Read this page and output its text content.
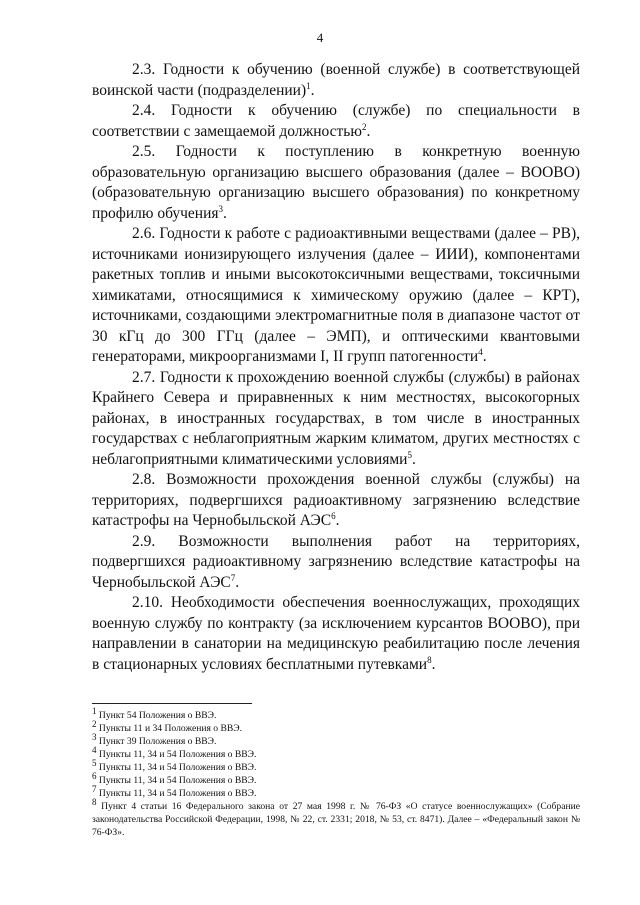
4

2.3. Годности к обучению (военной службе) в соответствующей воинской части (подразделении)$^1$.

2.4. Годности к обучению (службе) по специальности в соответствии с замещаемой должностью$^2$.

2.5. Годности к поступлению в конкретную военную образовательную организацию высшего образования (далее – ВООВО) (образовательную организацию высшего образования) по конкретному профилю обучения$^3$.

2.6. Годности к работе с радиоактивными веществами (далее – РВ), источниками ионизирующего излучения (далее – ИИИ), компонентами ракетных топлив и иными высокотоксичными веществами, токсичными химикатами, относящимися к химическому оружию (далее – КРТ), источниками, создающими электромагнитные поля в диапазоне частот от 30 кГц до 300 ГГц (далее – ЭМП), и оптическими квантовыми генераторами, микроорганизмами I, II групп патогенности$^4$.

2.7. Годности к прохождению военной службы (службы) в районах Крайнего Севера и приравненных к ним местностях, высокогорных районах, в иностранных государствах, в том числе в иностранных государствах с неблагоприятным жарким климатом, других местностях с неблагоприятными климатическими условиями$^5$.

2.8. Возможности прохождения военной службы (службы) на территориях, подвергшихся радиоактивному загрязнению вследствие катастрофы на Чернобыльской АЭС$^6$.

2.9. Возможности выполнения работ на территориях, подвергшихся радиоактивному загрязнению вследствие катастрофы на Чернобыльской АЭС$^7$.

2.10. Необходимости обеспечения военнослужащих, проходящих военную службу по контракту (за исключением курсантов ВООВО), при направлении в санатории на медицинскую реабилитацию после лечения в стационарных условиях бесплатными путевками$^8$.

$^1$ Пункт 54 Положения о ВВЭ.

$^2$ Пункты 11 и 34 Положения о ВВЭ.

$^3$ Пункт 39 Положения о ВВЭ.

$^4$ Пункты 11, 34 и 54 Положения о ВВЭ.

$^5$ Пункты 11, 34 и 54 Положения о ВВЭ.

$^6$ Пункты 11, 34 и 54 Положения о ВВЭ.

$^7$ Пункты 11, 34 и 54 Положения о ВВЭ.

$^8$ Пункт 4 статьи 16 Федерального закона от 27 мая 1998 г. № 76-ФЗ «О статусе военнослужащих» (Собрание законодательства Российской Федерации, 1998, № 22, ст. 2331; 2018, № 53, ст. 8471). Далее – «Федеральный закон № 76-ФЗ».
